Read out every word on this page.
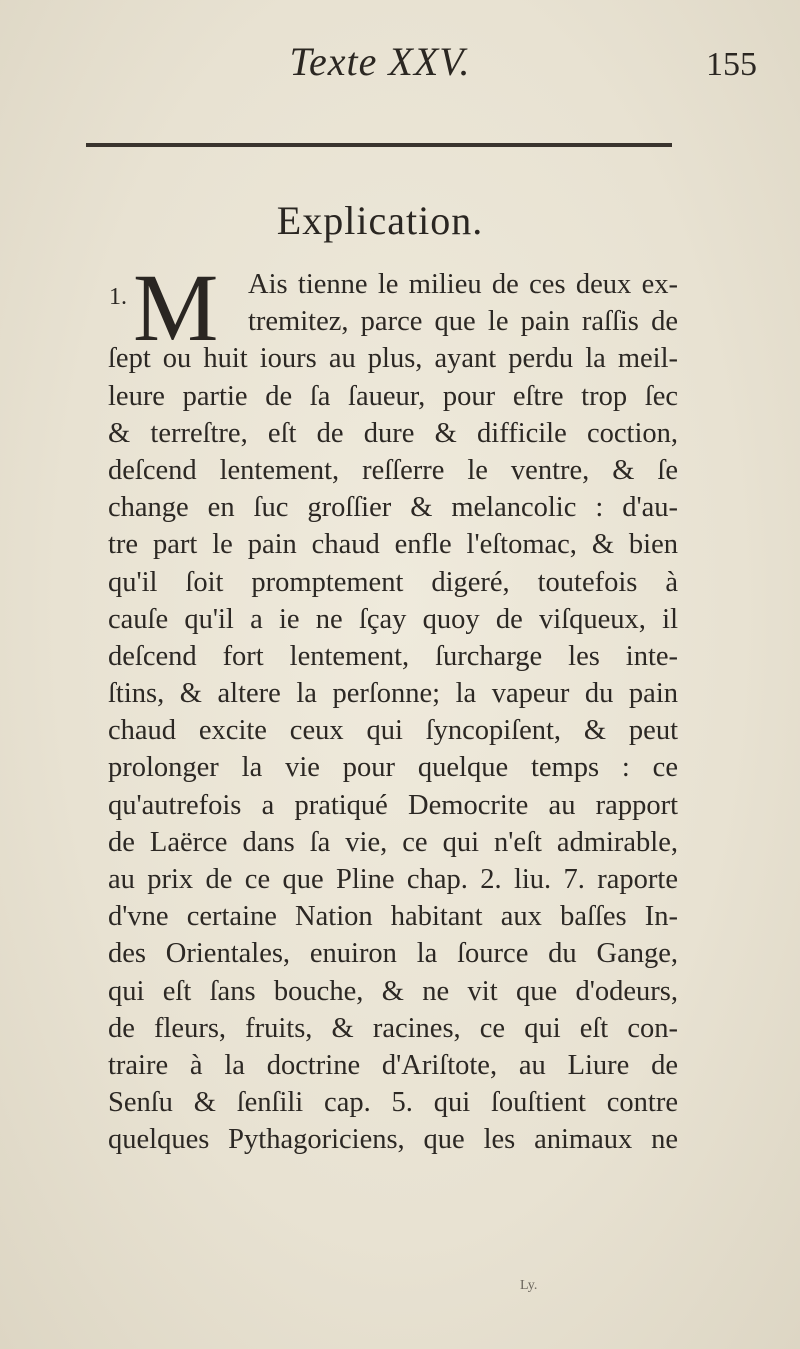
Texte XXV.	155
Explication.
1. M Ais tienne le milieu de ces deux ex-
tremitez, parce que le pain raſſis de
ſept ou huit iours au plus, ayant perdu la meil-
leure partie de ſa ſaueur, pour eſtre trop ſec
& terreſtre, eſt de dure & difficile coction,
deſcend lentement, reſſerre le ventre, & ſe
change en ſuc groſſier & melancolic : d'au-
tre part le pain chaud enfle l'eſtomac, & bien
qu'il ſoit promptement digeré, toutefois à
cauſe qu'il a ie ne ſçay quoy de viſqueux, il
deſcend fort lentement, ſurcharge les inte-
ſtins, & altere la perſonne; la vapeur du pain
chaud excite ceux qui ſyncopiſent, & peut
prolonger la vie pour quelque temps : ce
qu'autrefois a pratiqué Democrite au rapport
de Laërce dans ſa vie, ce qui n'eſt admirable,
au prix de ce que Pline chap. 2. liu. 7. raporte
d'vne certaine Nation habitant aux baſſes In-
des Orientales, enuiron la ſource du Gange,
qui eſt ſans bouche, & ne vit que d'odeurs,
de fleurs, fruits, & racines, ce qui eſt con-
traire à la doctrine d'Ariſtote, au Liure de
Senſu & ſenſili cap. 5. qui ſouſtient contre
quelques Pythagoriciens, que les animaux ne
Ly.
